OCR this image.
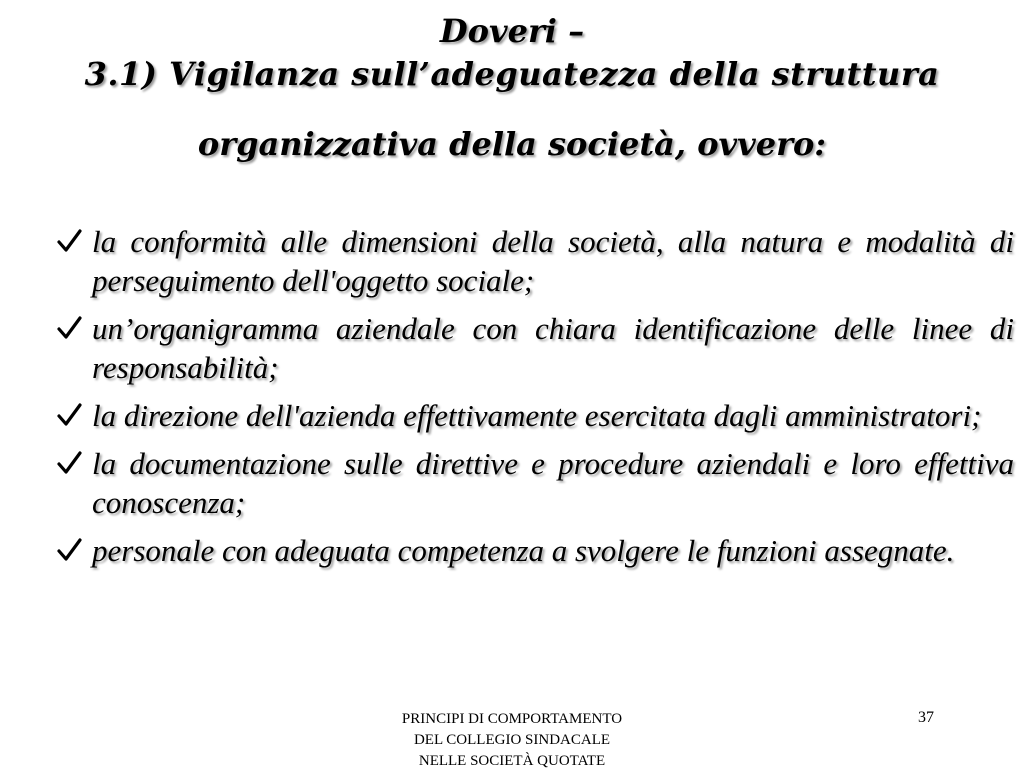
Doveri –
3.1) Vigilanza sull’adeguatezza della struttura
organizzativa della società, ovvero:
la conformità alle dimensioni della società, alla natura e modalità di perseguimento dell'oggetto sociale;
un’organigramma aziendale con chiara identificazione delle linee di responsabilità;
la direzione dell'azienda effettivamente esercitata dagli amministratori;
la documentazione sulle direttive e procedure aziendali e loro effettiva conoscenza;
personale con adeguata competenza a svolgere le funzioni assegnate.
PRINCIPI DI COMPORTAMENTO
DEL COLLEGIO SINDACALE
NELLE SOCIETÀ QUOTATE
37
